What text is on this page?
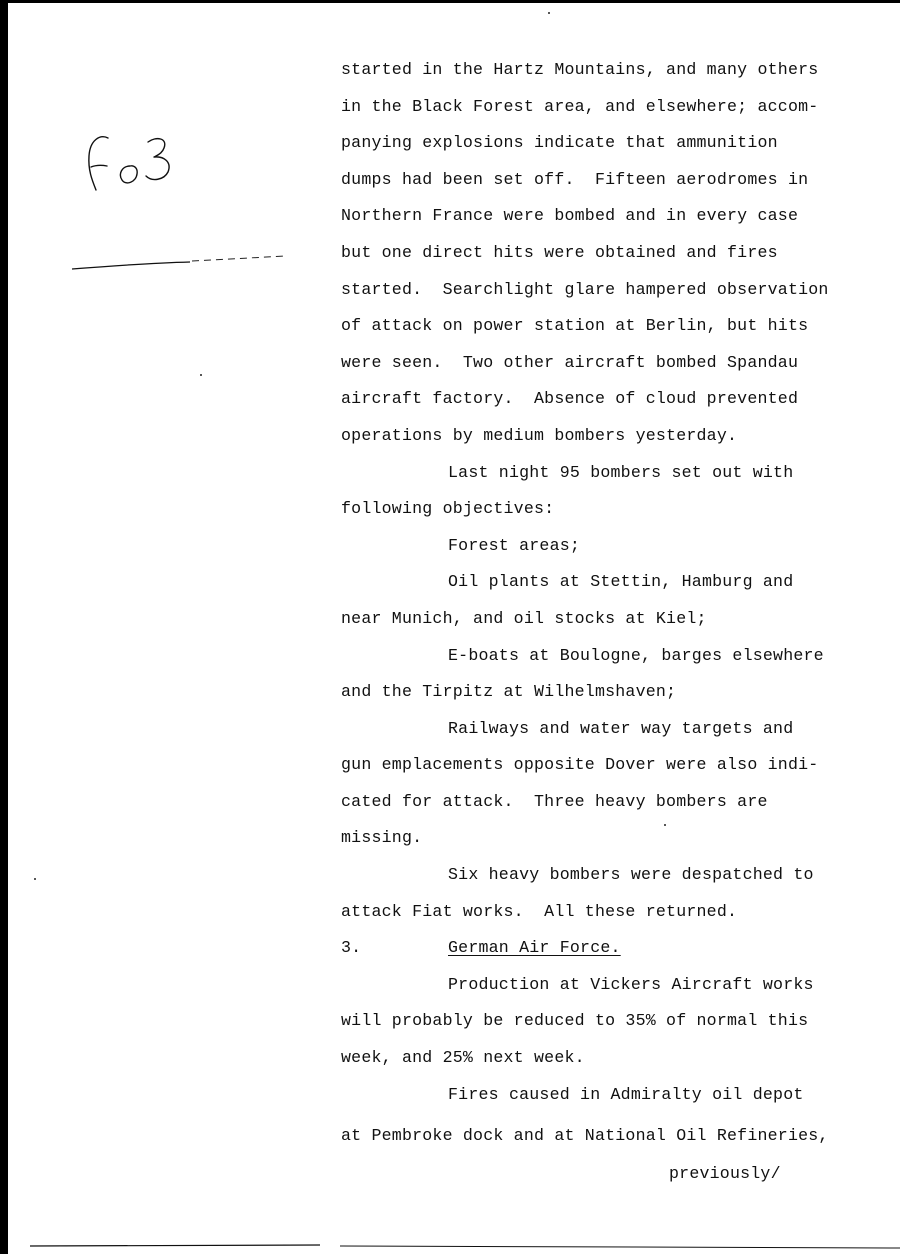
started in the Hartz Mountains, and many others
in the Black Forest area, and elsewhere; accom-
panying explosions indicate that ammunition
dumps had been set off.  Fifteen aerodromes in
Northern France were bombed and in every case
but one direct hits were obtained and fires
started.  Searchlight glare hampered observation
of attack on power station at Berlin, but hits
were seen.  Two other aircraft bombed Spandau
aircraft factory.  Absence of cloud prevented
operations by medium bombers yesterday.
Last night 95 bombers set out with
following objectives:
Forest areas;
Oil plants at Stettin, Hamburg and
near Munich, and oil stocks at Kiel;
E-boats at Boulogne, barges elsewhere
and the Tirpitz at Wilhelmshaven;
Railways and water way targets and
gun emplacements opposite Dover were also indi-
cated for attack.  Three heavy bombers are
missing.
Six heavy bombers were despatched to
attack Fiat works.  All these returned.
3.	German Air Force.
Production at Vickers Aircraft works
will probably be reduced to 35% of normal this
week, and 25% next week.
Fires caused in Admiralty oil depot
at Pembroke dock and at National Oil Refineries,
previously/
